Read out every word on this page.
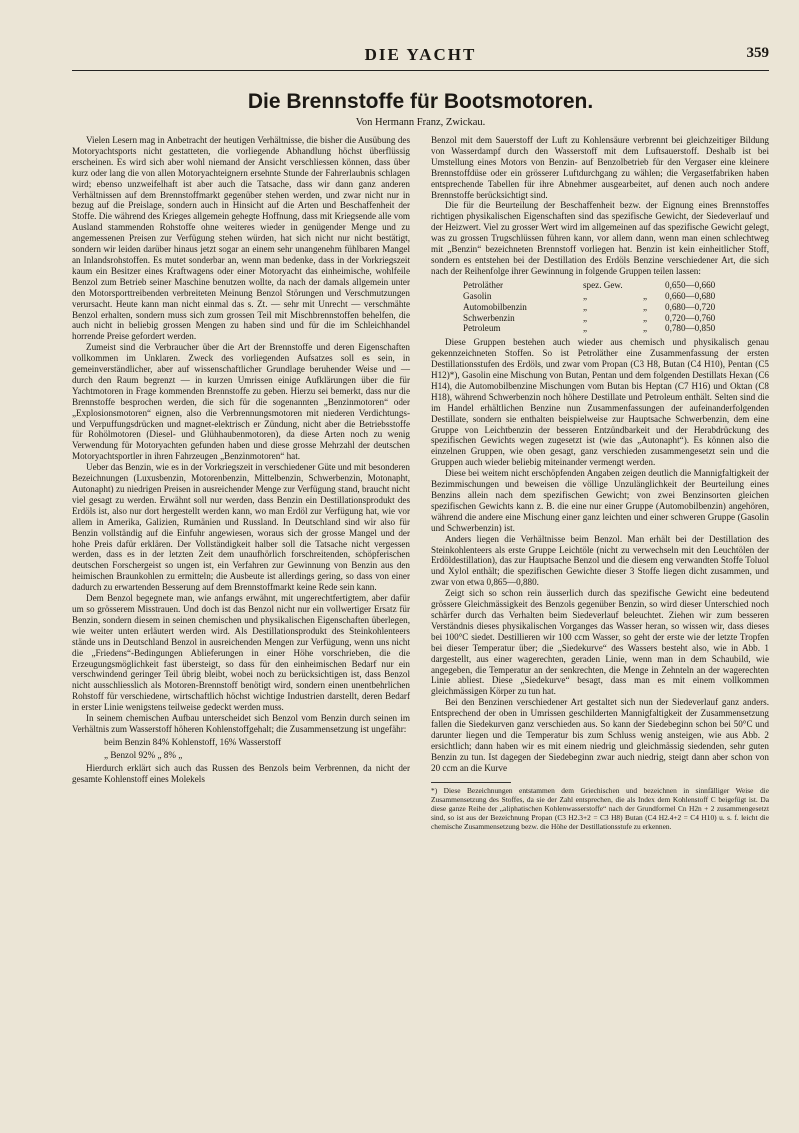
DIE YACHT	359
Die Brennstoffe für Bootsmotoren.
Von Hermann Franz, Zwickau.

Vielen Lesern mag in Anbetracht der heutigen Verhältnisse, die bisher die Ausübung des Motoryachtsports nicht gestatteten, die vorliegende Abhandlung höchst überflüssig erscheinen. Es wird sich aber wohl niemand der Ansicht verschliessen können, dass über kurz oder lang die von allen Motoryachteignern ersehnte Stunde der Fahrerlaubnis schlagen wird; ebenso unzweifelhaft ist aber auch die Tatsache, dass wir dann ganz anderen Verhältnissen auf dem Brennstoffmarkt gegenüber stehen werden, und zwar nicht nur in bezug auf die Preislage, sondern auch in Hinsicht auf die Arten und Beschaffenheit der Stoffe. Die während des Krieges allgemein gehegte Hoffnung, dass mit Kriegsende alle vom Ausland stammenden Rohstoffe ohne weiteres wieder in genügender Menge und zu angemessenen Preisen zur Verfügung stehen würden, hat sich nicht nur nicht bestätigt, sondern wir leiden darüber hinaus jetzt sogar an einem sehr unangenehm fühlbaren Mangel an Inlandsrohstoffen. Es mutet sonderbar an, wenn man bedenke, dass in der Vorkriegszeit kaum ein Besitzer eines Kraftwagens oder einer Motoryacht das einheimische, wohlfeile Benzol zum Betrieb seiner Maschine benutzen wollte, da nach der damals allgemein unter den Motorsporttreibenden verbreiteten Meinung Benzol Störungen und Verschmutzungen verursacht. Heute kann man nicht einmal das s. Zt. — sehr mit Unrecht — verschmähte Benzol erhalten, sondern muss sich zum grossen Teil mit Mischbrennstoffen behelfen, die auch nicht in beliebig grossen Mengen zu haben sind und für die im Schleichhandel horrende Preise gefordert werden.

Zumeist sind die Verbraucher über die Art der Brennstoffe und deren Eigenschaften vollkommen im Unklaren. Zweck des vorliegenden Aufsatzes soll es sein, in gemeinverständlicher, aber auf wissenschaftlicher Grundlage beruhender Weise und — durch den Raum begrenzt — in kurzen Umrissen einige Aufklärungen über die für Yachtmotoren in Frage kommenden Brennstoffe zu geben. Hierzu sei bemerkt, dass nur die Brennstoffe besprochen werden, die sich für die sogenannten „Benzinmotoren“ oder „Explosionsmotoren“ eignen, also die Verbrennungsmotoren mit niederen Verdichtungs- und Verpuffungsdrücken und magnet-elektrisch er Zündung, nicht aber die Betriebsstoffe für Rohölmotoren (Diesel- und Glühhaubenmotoren), da diese Arten noch zu wenig Verwendung für Motoryachten gefunden haben und diese grosse Mehrzahl der deutschen Motoryachtsportler in ihren Fahrzeugen „Benzinmotoren“ hat.

Ueber das Benzin, wie es in der Vorkriegszeit in verschiedener Güte und mit besonderen Bezeichnungen (Luxusbenzin, Motorenbenzin, Mittelbenzin, Schwerbenzin, Motonapht, Autonapht) zu niedrigen Preisen in ausreichender Menge zur Verfügung stand, braucht nicht viel gesagt zu werden. Erwähnt soll nur werden, dass Benzin ein Destillationsprodukt des Erdöls ist, also nur dort hergestellt werden kann, wo man Erdöl zur Verfügung hat, wie vor allem in Amerika, Galizien, Rumänien und Russland. In Deutschland sind wir also für Benzin vollständig auf die Einfuhr angewiesen, woraus sich der grosse Mangel und der hohe Preis dafür erklären. Der Vollständigkeit halber soll die Tatsache nicht vergessen werden, dass es in der letzten Zeit dem unaufhörlich forschreitenden, schöpferischen deutschen Forschergeist so ungen ist, ein Verfahren zur Gewinnung von Benzin aus den heimischen Braunkohlen zu ermitteln; die Ausbeute ist allerdings gering, so dass von einer dadurch zu erwartenden Besserung auf dem Brennstoffmarkt keine Rede sein kann.

Dem Benzol begegnete man, wie anfangs erwähnt, mit ungerechtfertigtem, aber dafür um so grösserem Misstrauen. Und doch ist das Benzol nicht nur ein vollwertiger Ersatz für Benzin, sondern diesem in seinen chemischen und physikalischen Eigenschaften überlegen, wie weiter unten erläutert werden wird. Als Destillationsprodukt des Steinkohlenteers stände uns in Deutschland Benzol in ausreichenden Mengen zur Verfügung, wenn uns nicht die „Friedens“-Bedingungen Ablieferungen in einer Höhe vorschrieben, die die Erzeugungsmöglichkeit fast übersteigt, so dass für den einheimischen Bedarf nur ein verschwindend geringer Teil übrig bleibt, wobei noch zu berücksichtigen ist, dass Benzol nicht ausschliesslich als Motoren-Brennstoff benötigt wird, sondern einen unentbehrlichen Rohstoff für verschiedene, wirtschaftlich höchst wichtige Industrien darstellt, deren Bedarf in erster Linie wenigstens teilweise gedeckt werden muss.

In seinem chemischen Aufbau unterscheidet sich Benzol vom Benzin durch seinen im Verhältnis zum Wasserstoff höheren Kohlenstoffgehalt; die Zusammensetzung ist ungefähr:

beim Benzin 84% Kohlenstoff, 16% Wasserstoff
„ Benzol 92% „ 8% „

Hierdurch erklärt sich auch das Russen des Benzols beim Verbrennen, da nicht der gesamte Kohlenstoff eines Molekels

Benzol mit dem Sauerstoff der Luft zu Kohlensäure verbrennt bei gleichzeitiger Bildung von Wasserdampf durch den Wasserstoff mit dem Luftsauerstoff. Deshalb ist bei Umstellung eines Motors von Benzin- auf Benzolbetrieb für den Vergaser eine kleinere Brennstoffdüse oder ein grösserer Luftdurchgang zu wählen; die Vergasetfabriken haben entsprechende Tabellen für ihre Abnehmer ausgearbeitet, auf denen auch noch andere Brennstoffe berücksichtigt sind.

Die für die Beurteilung der Beschaffenheit bezw. der Eignung eines Brennstoffes richtigen physikalischen Eigenschaften sind das spezifische Gewicht, der Siedeverlauf und der Heizwert. Viel zu grosser Wert wird im allgemeinen auf das spezifische Gewicht gelegt, was zu grossen Trugschlüssen führen kann, vor allem dann, wenn man einen schlechtweg mit „Benzin“ bezeichneten Brennstoff vorliegen hat. Benzin ist kein einheitlicher Stoff, sondern es entstehen bei der Destillation des Erdöls Benzine verschiedener Art, die sich nach der Reihenfolge ihrer Gewinnung in folgende Gruppen teilen lassen:

Petroläther	spez. Gew.	0,650—0,660
Gasolin	„	„	0,660—0,680
Automobilbenzin	„	„	0,680—0,720
Schwerbenzin	„	„	0,720—0,760
Petroleum	„	„	0,780—0,850

Diese Gruppen bestehen auch wieder aus chemisch und physikalisch genau gekennzeichneten Stoffen. So ist Petroläther eine Zusammenfassung der ersten Destillationsstufen des Erdöls, und zwar vom Propan (C3 H8, Butan (C4 H10), Pentan (C5 H12)*), Gasolin eine Mischung von Butan, Pentan und dem folgenden Destillats Hexan (C6 H14), die Automobilbenzine Mischungen vom Butan bis Heptan (C7 H16) und Oktan (C8 H18), während Schwerbenzin noch höhere Destillate und Petroleum enthält. Selten sind die im Handel erhältlichen Benzine nun Zusammenfassungen der aufeinanderfolgenden Destillate, sondern sie enthalten beispielweise zur Hauptsache Schwerbenzin, dem eine Gruppe von Leichtbenzin der besseren Entzündbarkeit und der Herabdrückung des spezifischen Gewichts wegen zugesetzt ist (wie das „Autonapht“). Es können also die einzelnen Gruppen, wie oben gesagt, ganz verschieden zusammengesetzt sein und die Gruppen auch wieder beliebig miteinander vermengt werden.

Diese bei weitem nicht erschöpfenden Angaben zeigen deutlich die Mannigfaltigkeit der Bezimmischungen und beweisen die völlige Unzulänglichkeit der Beurteilung eines Benzins allein nach dem spezifischen Gewicht; von zwei Benzinsorten gleichen spezifischen Gewichts kann z. B. die eine nur einer Gruppe (Automobilbenzin) angehören, während die andere eine Mischung einer ganz leichten und einer schweren Gruppe (Gasolin und Schwerbenzin) ist.

Anders liegen die Verhältnisse beim Benzol. Man erhält bei der Destillation des Steinkohlenteers als erste Gruppe Leichtöle (nicht zu verwechseln mit den Leuchtölen der Erdöldestillation), das zur Hauptsache Benzol und die diesem eng verwandten Stoffe Toluol und Xylol enthält; die spezifischen Gewichte dieser 3 Stoffe liegen dicht zusammen, und zwar von etwa 0,865—0,880.

Zeigt sich so schon rein äusserlich durch das spezifische Gewicht eine bedeutend grössere Gleichmässigkeit des Benzols gegenüber Benzin, so wird dieser Unterschied noch schärfer durch das Verhalten beim Siedeverlauf beleuchtet. Ziehen wir zum besseren Verständnis dieses physikalischen Vorganges das Wasser heran, so wissen wir, dass dieses bei 100°C siedet. Destillieren wir 100 ccm Wasser, so geht der erste wie der letzte Tropfen bei dieser Temperatur über; die „Siedekurve“ des Wassers besteht also, wie in Abb. 1 dargestellt, aus einer wagerechten, geraden Linie, wenn man in dem Schaubild, wie angegeben, die Temperatur an der senkrechten, die Menge in Zehnteln an der wagerechten Linie abliest. Diese „Siedekurve“ besagt, dass man es mit einem vollkommen gleichmässigen Körper zu tun hat.

Bei den Benzinen verschiedener Art gestaltet sich nun der Siedeverlauf ganz anders. Entsprechend der oben in Umrissen geschilderten Mannigfaltigkeit der Zusammensetzung fallen die Siedekurven ganz verschieden aus. So kann der Siedebeginn schon bei 50°C und darunter liegen und die Temperatur bis zum Schluss wenig ansteigen, wie aus Abb. 2 ersichtlich; dann haben wir es mit einem niedrig und gleichmässig siedenden, sehr guten Benzin zu tun. Ist dagegen der Siedebeginn zwar auch niedrig, steigt dann aber schon von 20 ccm an die Kurve

*) Diese Bezeichnungen entstammen dem Griechischen und bezeichnen in sinnfälliger Weise die Zusammensetzung des Stoffes, da sie der Zahl entsprechen, die als Index dem Kohlenstoff C beigefügt ist. Da diese ganze Reihe der „aliphatischen Kohlenwasserstoffe“ nach der Grundformel Cn H2n + 2 zusammengesetzt sind, so ist aus der Bezeichnung Propan (C3 H2.3+2 = C3 H8) Butan (C4 H2.4+2 = C4 H10) u. s. f. leicht die chemische Zusammensetzung bezw. die Höhe der Destillationsstufe zu erkennen.
